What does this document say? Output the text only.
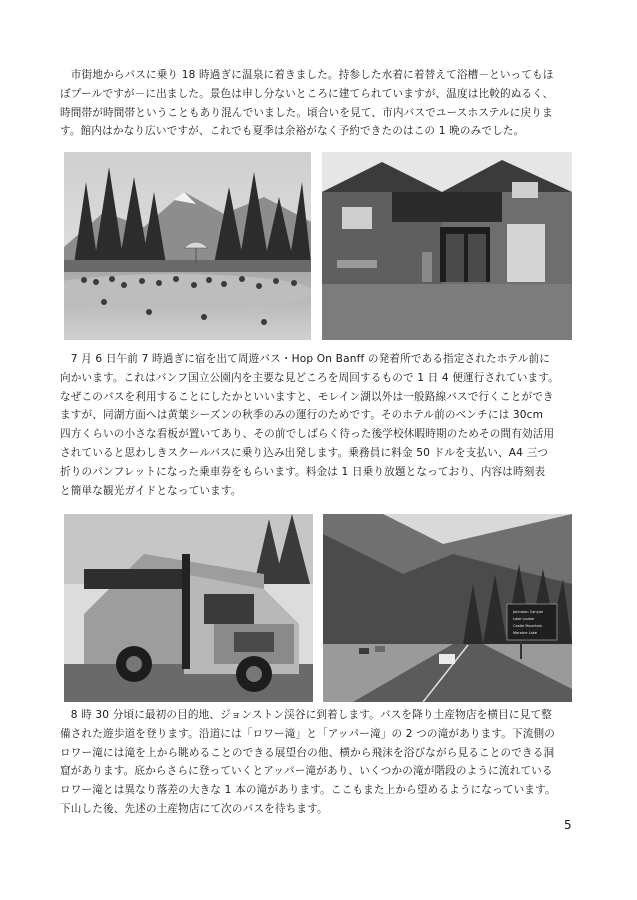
　市街地からバスに乗り 18 時過ぎに温泉に着きました。持参した水着に着替えて浴槽－といってもほ
ぼプールですが－に出ました。景色は申し分ないところに建てられていますが、温度は比較的ぬるく、
時間帯が時間帯ということもあり混んでいました。頃合いを見て、市内バスでユースホステルに戻りま
す。館内はかなり広いですが、これでも夏季は余裕がなく予約できたのはこの 1 晩のみでした。
　7 月 6 日午前 7 時過ぎに宿を出て周遊バス・Hop On Banff の発着所である指定されたホテル前に
向かいます。これはバンフ国立公園内を主要な見どころを周回するもので 1 日 4 便運行されています。
なぜこのバスを利用することにしたかといいますと、モレイン湖以外は一般路線バスで行くことができ
ますが、同湖方面へは黄葉シーズンの秋季のみの運行のためです。そのホテル前のベンチには 30cm
四方くらいの小さな看板が置いてあり、その前でしばらく待った後学校休暇時期のためその間有効活用
されていると思わしきスクールバスに乗り込み出発します。乗務員に料金 50 ドルを支払い、A4 三つ
折りのパンフレットになった乗車券をもらいます。料金は 1 日乗り放題となっており、内容は時刻表
と簡単な観光ガイドとなっています。
Johnston Canyon
Lake Louise
Castle Mountain
Moraine Lake
　8 時 30 分頃に最初の目的地、ジョンストン渓谷に到着します。バスを降り土産物店を横目に見て整
備された遊歩道を登ります。沿道には「ロワー滝」と「アッパー滝」の 2 つの滝があります。下流側の
ロワー滝には滝を上から眺めることのできる展望台の他、横から飛沫を浴びながら見ることのできる洞
窟があります。底からさらに登っていくとアッパー滝があり、いくつかの滝が階段のように流れている
ロワー滝とは異なり落差の大きな 1 本の滝があります。ここもまた上から望めるようになっています。
下山した後、先述の土産物店にて次のバスを待ちます。
5
